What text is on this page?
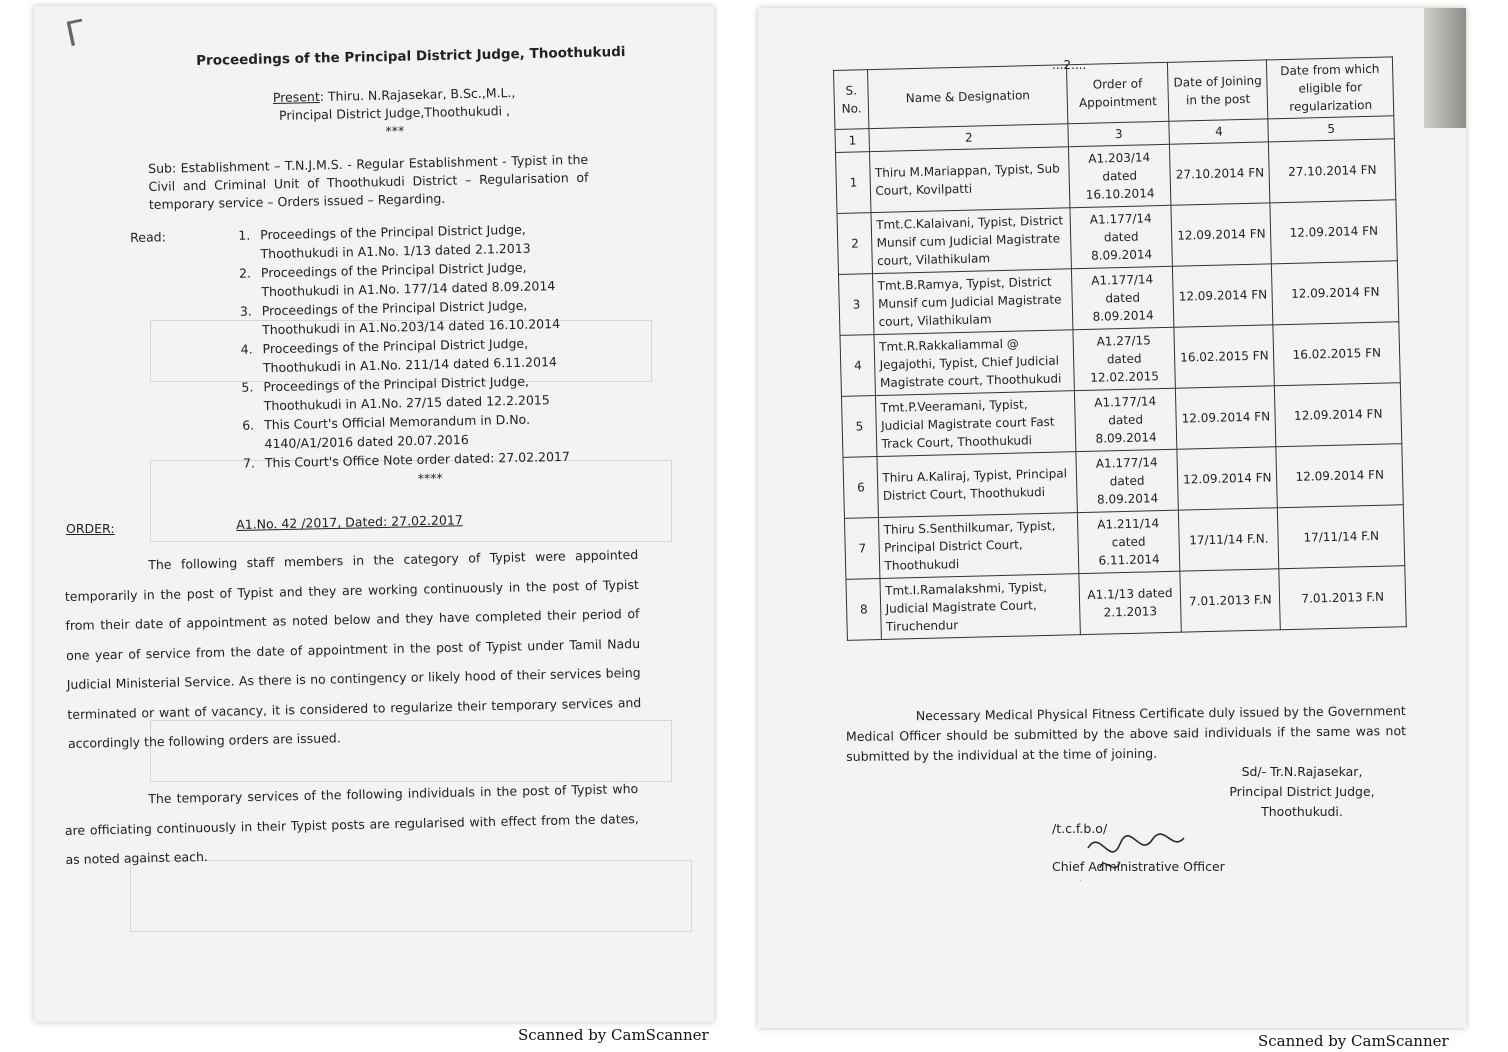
Γ
Proceedings of the Principal District Judge, Thoothukudi
Present: Thiru. N.Rajasekar, B.Sc.,M.L.,
Principal District Judge,Thoothukudi ,
***
Sub: Establishment – T.N.J.M.S. - Regular Establishment - Typist in the Civil and Criminal Unit of Thoothukudi District – Regularisation of temporary service – Orders issued – Regarding.
Read:	1. Proceedings of the Principal District Judge, Thoothukudi in A1.No. 1/13 dated 2.1.2013
2. Proceedings of the Principal District Judge, Thoothukudi in A1.No. 177/14 dated 8.09.2014
3. Proceedings of the Principal District Judge, Thoothukudi in A1.No.203/14 dated 16.10.2014
4. Proceedings of the Principal District Judge, Thoothukudi in A1.No. 211/14 dated 6.11.2014
5. Proceedings of the Principal District Judge, Thoothukudi in A1.No. 27/15 dated 12.2.2015
6. This Court's Official Memorandum in D.No. 4140/A1/2016 dated 20.07.2016
7. This Court's Office Note order dated: 27.02.2017
****
ORDER:	A1.No. 42 /2017, Dated: 27.02.2017
The following staff members in the category of Typist were appointed temporarily in the post of Typist and they are working continuously in the post of Typist from their date of appointment as noted below and they have completed their period of one year of service from the date of appointment in the post of Typist under Tamil Nadu Judicial Ministerial Service. As there is no contingency or likely hood of their services being terminated or want of vacancy, it is considered to regularize their temporary services and accordingly the following orders are issued.
The temporary services of the following individuals in the post of Typist who are officiating continuously in their Typist posts are regularised with effect from the dates, as noted against each.
Scanned by CamScanner
...2....
S. No.	Name & Designation	Order of Appointment	Date of Joining in the post	Date from which eligible for regularization
1	2	3	4	5
1	Thiru M.Mariappan, Typist, Sub Court, Kovilpatti	A1.203/14 dated 16.10.2014	27.10.2014 FN	27.10.2014 FN
2	Tmt.C.Kalaivani, Typist, District Munsif cum Judicial Magistrate court, Vilathikulam	A1.177/14 dated 8.09.2014	12.09.2014 FN	12.09.2014 FN
3	Tmt.B.Ramya, Typist, District Munsif cum Judicial Magistrate court, Vilathikulam	A1.177/14 dated 8.09.2014	12.09.2014 FN	12.09.2014 FN
4	Tmt.R.Rakkaliammal @ Jegajothi, Typist, Chief Judicial Magistrate court, Thoothukudi	A1.27/15 dated 12.02.2015	16.02.2015 FN	16.02.2015 FN
5	Tmt.P.Veeramani, Typist, Judicial Magistrate court Fast Track Court, Thoothukudi	A1.177/14 dated 8.09.2014	12.09.2014 FN	12.09.2014 FN
6	Thiru A.Kaliraj, Typist, Principal District Court, Thoothukudi	A1.177/14 dated 8.09.2014	12.09.2014 FN	12.09.2014 FN
7	Thiru S.Senthilkumar, Typist, Principal District Court, Thoothukudi	A1.211/14 cated 6.11.2014	17/11/14 F.N.	17/11/14 F.N
8	Tmt.I.Ramalakshmi, Typist, Judicial Magistrate Court, Tiruchendur	A1.1/13 dated 2.1.2013	7.01.2013 F.N	7.01.2013 F.N
Necessary Medical Physical Fitness Certificate duly issued by the Government Medical Officer should be submitted by the above said individuals if the same was not submitted by the individual at the time of joining.
Sd/- Tr.N.Rajasekar,
Principal District Judge,
Thoothukudi.
/t.c.f.b.o/
Chief Administrative Officer
Scanned by CamScanner
